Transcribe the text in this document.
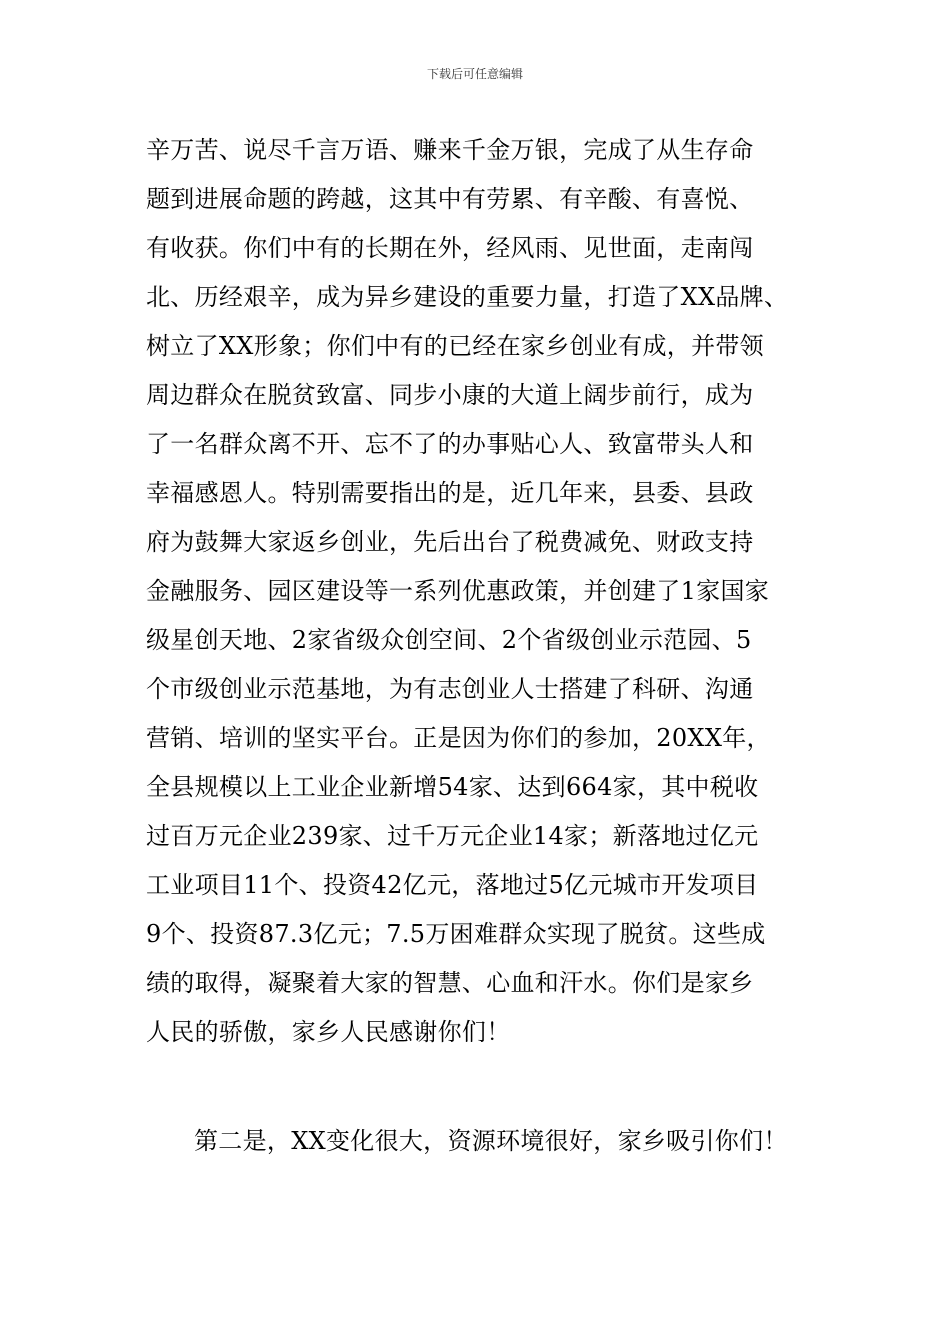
下载后可任意编辑
辛万苦、说尽千言万语、赚来千金万银，完成了从生存命
题到进展命题的跨越，这其中有劳累、有辛酸、有喜悦、
有收获。你们中有的长期在外，经风雨、见世面，走南闯
北、历经艰辛，成为异乡建设的重要力量，打造了XX品牌、
树立了XX形象；你们中有的已经在家乡创业有成，并带领
周边群众在脱贫致富、同步小康的大道上阔步前行，成为
了一名群众离不开、忘不了的办事贴心人、致富带头人和
幸福感恩人。特别需要指出的是，近几年来，县委、县政
府为鼓舞大家返乡创业，先后出台了税费减免、财政支持
金融服务、园区建设等一系列优惠政策，并创建了1家国家
级星创天地、2家省级众创空间、2个省级创业示范园、5
个市级创业示范基地，为有志创业人士搭建了科研、沟通
营销、培训的坚实平台。正是因为你们的参加，20XX年，
全县规模以上工业企业新增54家、达到664家，其中税收
过百万元企业239家、过千万元企业14家；新落地过亿元
工业项目11个、投资42亿元，落地过5亿元城市开发项目
9个、投资87.3亿元；7.5万困难群众实现了脱贫。这些成
绩的取得，凝聚着大家的智慧、心血和汗水。你们是家乡
人民的骄傲，家乡人民感谢你们！
第二是，XX变化很大，资源环境很好，家乡吸引你们！
